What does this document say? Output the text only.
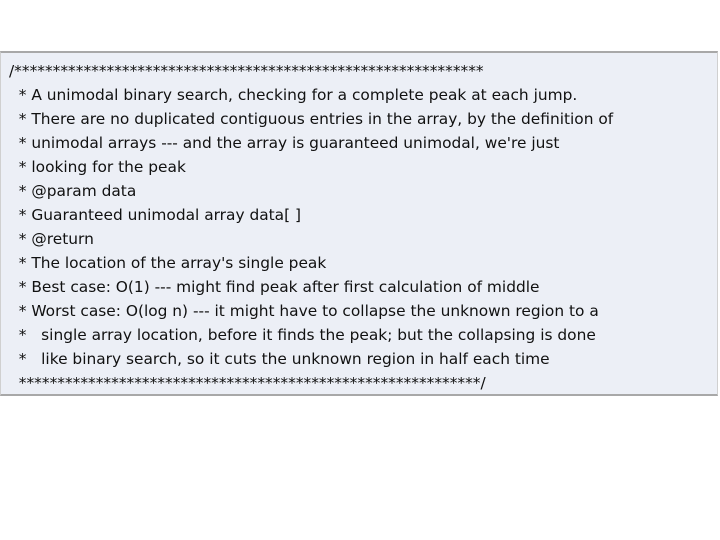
/*************************************************************
* A unimodal binary search, checking for a complete peak at each jump.
* There are no duplicated contiguous entries in the array, by the definition of
* unimodal arrays --- and the array is guaranteed unimodal, we're just
* looking for the peak
* @param data
* Guaranteed unimodal array data[ ]
* @return
* The location of the array's single peak
* Best case: O(1) --- might find peak after first calculation of middle
* Worst case: O(log n) --- it might have to collapse the unknown region to a
*   single array location, before it finds the peak; but the collapsing is done
*   like binary search, so it cuts the unknown region in half each time
************************************************************/
